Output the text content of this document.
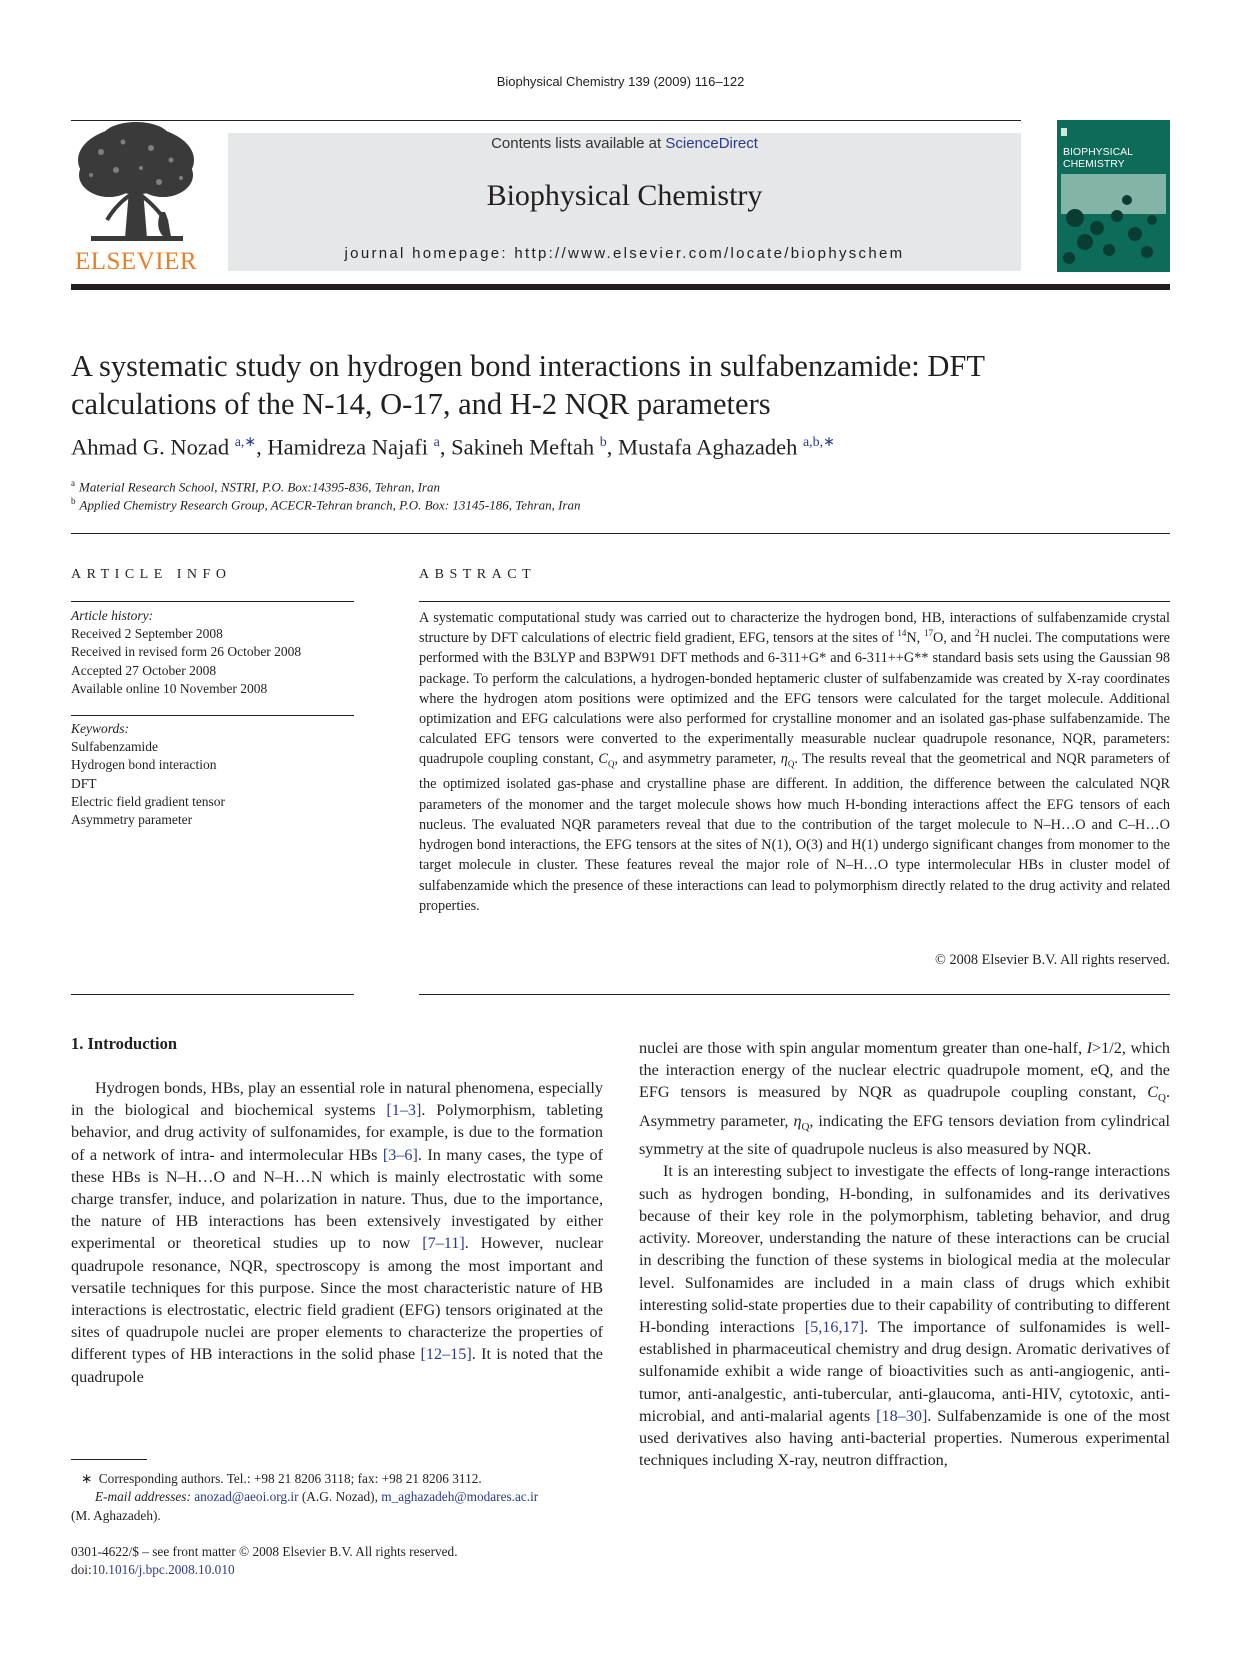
Biophysical Chemistry 139 (2009) 116–122
ELSEVIER
Contents lists available at ScienceDirect
Biophysical Chemistry
journal homepage: http://www.elsevier.com/locate/biophyschem
BIOPHYSICAL CHEMISTRY
A systematic study on hydrogen bond interactions in sulfabenzamide: DFT calculations of the N-14, O-17, and H-2 NQR parameters
Ahmad G. Nozad $^{a,∗}$, Hamidreza Najafi $^a$, Sakineh Meftah $^b$, Mustafa Aghazadeh $^{a,b,∗}$
$^a$ Material Research School, NSTRI, P.O. Box:14395-836, Tehran, Iran
$^b$ Applied Chemistry Research Group, ACECR-Tehran branch, P.O. Box: 13145-186, Tehran, Iran
ARTICLE INFO	ABSTRACT
Article history:
Received 2 September 2008
Received in revised form 26 October 2008
Accepted 27 October 2008
Available online 10 November 2008
Keywords:
Sulfabenzamide
Hydrogen bond interaction
DFT
Electric field gradient tensor
Asymmetry parameter
A systematic computational study was carried out to characterize the hydrogen bond, HB, interactions of sulfabenzamide crystal structure by DFT calculations of electric field gradient, EFG, tensors at the sites of $^{14}$N, $^{17}$O, and $^2$H nuclei. The computations were performed with the B3LYP and B3PW91 DFT methods and 6-311+G* and 6-311++G** standard basis sets using the Gaussian 98 package. To perform the calculations, a hydrogen-bonded heptameric cluster of sulfabenzamide was created by X-ray coordinates where the hydrogen atom positions were optimized and the EFG tensors were calculated for the target molecule. Additional optimization and EFG calculations were also performed for crystalline monomer and an isolated gas-phase sulfabenzamide. The calculated EFG tensors were converted to the experimentally measurable nuclear quadrupole resonance, NQR, parameters: quadrupole coupling constant, $C_Q$, and asymmetry parameter, $\eta_Q$. The results reveal that the geometrical and NQR parameters of the optimized isolated gas-phase and crystalline phase are different. In addition, the difference between the calculated NQR parameters of the monomer and the target molecule shows how much H-bonding interactions affect the EFG tensors of each nucleus. The evaluated NQR parameters reveal that due to the contribution of the target molecule to N–H…O and C–H…O hydrogen bond interactions, the EFG tensors at the sites of N(1), O(3) and H(1) undergo significant changes from monomer to the target molecule in cluster. These features reveal the major role of N–H…O type intermolecular HBs in cluster model of sulfabenzamide which the presence of these interactions can lead to polymorphism directly related to the drug activity and related properties.
© 2008 Elsevier B.V. All rights reserved.
1. Introduction

Hydrogen bonds, HBs, play an essential role in natural phenomena, especially in the biological and biochemical systems [1–3]. Polymorphism, tableting behavior, and drug activity of sulfonamides, for example, is due to the formation of a network of intra- and intermolecular HBs [3–6]. In many cases, the type of these HBs is N–H…O and N–H…N which is mainly electrostatic with some charge transfer, induce, and polarization in nature. Thus, due to the importance, the nature of HB interactions has been extensively investigated by either experimental or theoretical studies up to now [7–11]. However, nuclear quadrupole resonance, NQR, spectroscopy is among the most important and versatile techniques for this purpose. Since the most characteristic nature of HB interactions is electrostatic, electric field gradient (EFG) tensors originated at the sites of quadrupole nuclei are proper elements to characterize the properties of different types of HB interactions in the solid phase [12–15]. It is noted that the quadrupole

nuclei are those with spin angular momentum greater than one-half, I>1/2, which the interaction energy of the nuclear electric quadrupole moment, eQ, and the EFG tensors is measured by NQR as quadrupole coupling constant, $C_Q$. Asymmetry parameter, $\eta_Q$, indicating the EFG tensors deviation from cylindrical symmetry at the site of quadrupole nucleus is also measured by NQR.

It is an interesting subject to investigate the effects of long-range interactions such as hydrogen bonding, H-bonding, in sulfonamides and its derivatives because of their key role in the polymorphism, tableting behavior, and drug activity. Moreover, understanding the nature of these interactions can be crucial in describing the function of these systems in biological media at the molecular level. Sulfonamides are included in a main class of drugs which exhibit interesting solid-state properties due to their capability of contributing to different H-bonding interactions [5,16,17]. The importance of sulfonamides is well-established in pharmaceutical chemistry and drug design. Aromatic derivatives of sulfonamide exhibit a wide range of bioactivities such as anti-angiogenic, anti-tumor, anti-analgestic, anti-tubercular, anti-glaucoma, anti-HIV, cytotoxic, anti-microbial, and anti-malarial agents [18–30]. Sulfabenzamide is one of the most used derivatives also having anti-bacterial properties. Numerous experimental techniques including X-ray, neutron diffraction,

∗  Corresponding authors. Tel.: +98 21 8206 3118; fax: +98 21 8206 3112.
E-mail addresses: anozad@aeoi.org.ir (A.G. Nozad), m_aghazadeh@modares.ac.ir
(M. Aghazadeh).
0301-4622/$ – see front matter © 2008 Elsevier B.V. All rights reserved.
doi:10.1016/j.bpc.2008.10.010
